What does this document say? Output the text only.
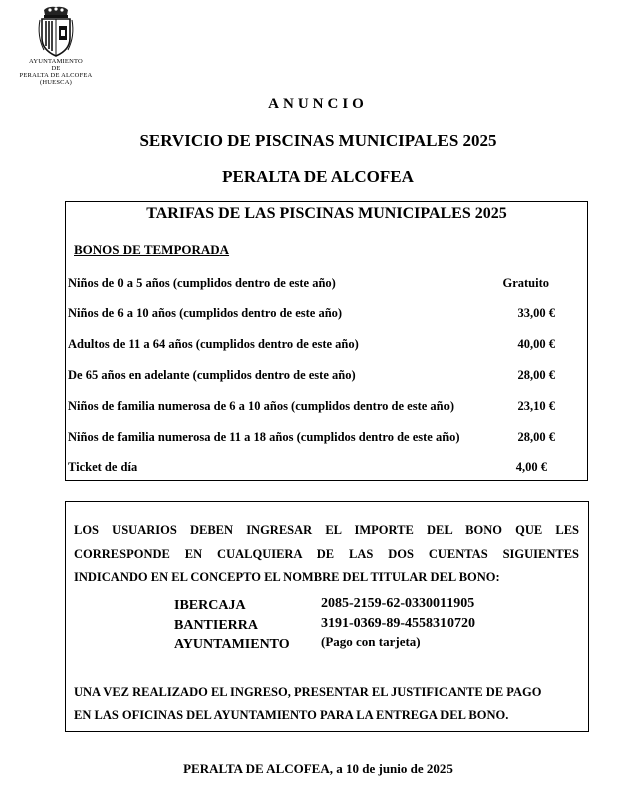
AYUNTAMIENTO
DE
PERALTA DE ALCOFEA
(HUESCA)
ANUNCIO
SERVICIO DE PISCINAS MUNICIPALES 2025
PERALTA DE ALCOFEA
TARIFAS DE LAS PISCINAS MUNICIPALES 2025
BONOS DE TEMPORADA
Niños de 0 a 5 años (cumplidos dentro de este año)	Gratuito
Niños de 6 a 10 años (cumplidos dentro de este año)	33,00 €
Adultos de 11 a 64 años (cumplidos dentro de este año)	40,00 €
De 65 años en adelante (cumplidos dentro de este año)	28,00 €
Niños de familia numerosa de 6 a 10 años (cumplidos dentro de este año)	23,10 €
Niños de familia numerosa de 11 a 18 años (cumplidos dentro de este año)	28,00 €
Ticket de día	4,00 €
LOS USUARIOS DEBEN INGRESAR EL IMPORTE DEL BONO QUE LES
CORRESPONDE EN CUALQUIERA DE LAS DOS CUENTAS SIGUIENTES
INDICANDO EN EL CONCEPTO EL NOMBRE DEL TITULAR DEL BONO:
IBERCAJA	2085-2159-62-0330011905
BANTIERRA	3191-0369-89-4558310720
AYUNTAMIENTO (Pago con tarjeta)
UNA VEZ REALIZADO EL INGRESO, PRESENTAR EL JUSTIFICANTE DE PAGO
EN LAS OFICINAS DEL AYUNTAMIENTO PARA LA ENTREGA DEL BONO.
PERALTA DE ALCOFEA, a 10 de junio de 2025
